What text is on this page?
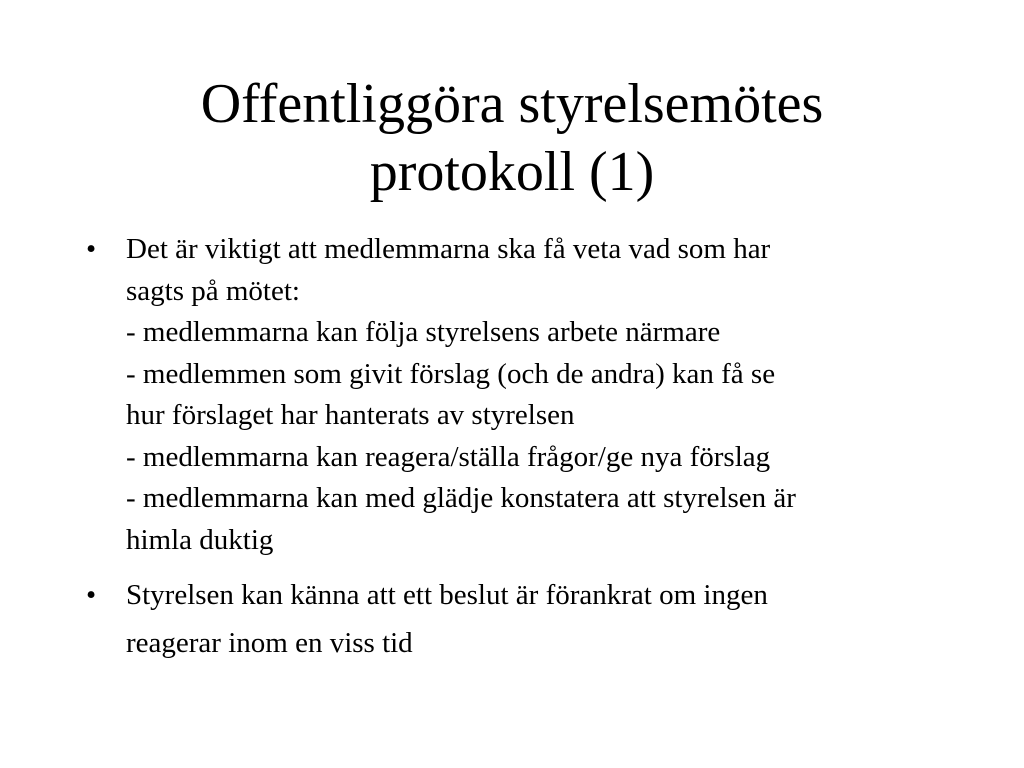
Offentliggöra styrelsemötes
protokoll (1)
• Det är viktigt att medlemmarna ska få veta vad som har
sagts på mötet:
- medlemmarna kan följa styrelsens arbete närmare
- medlemmen som givit förslag (och de andra) kan få se
hur förslaget har hanterats av styrelsen
- medlemmarna kan reagera/ställa frågor/ge nya förslag
- medlemmarna kan med glädje konstatera att styrelsen är
himla duktig
• Styrelsen kan känna att ett beslut är förankrat om ingen
reagerar inom en viss tid
